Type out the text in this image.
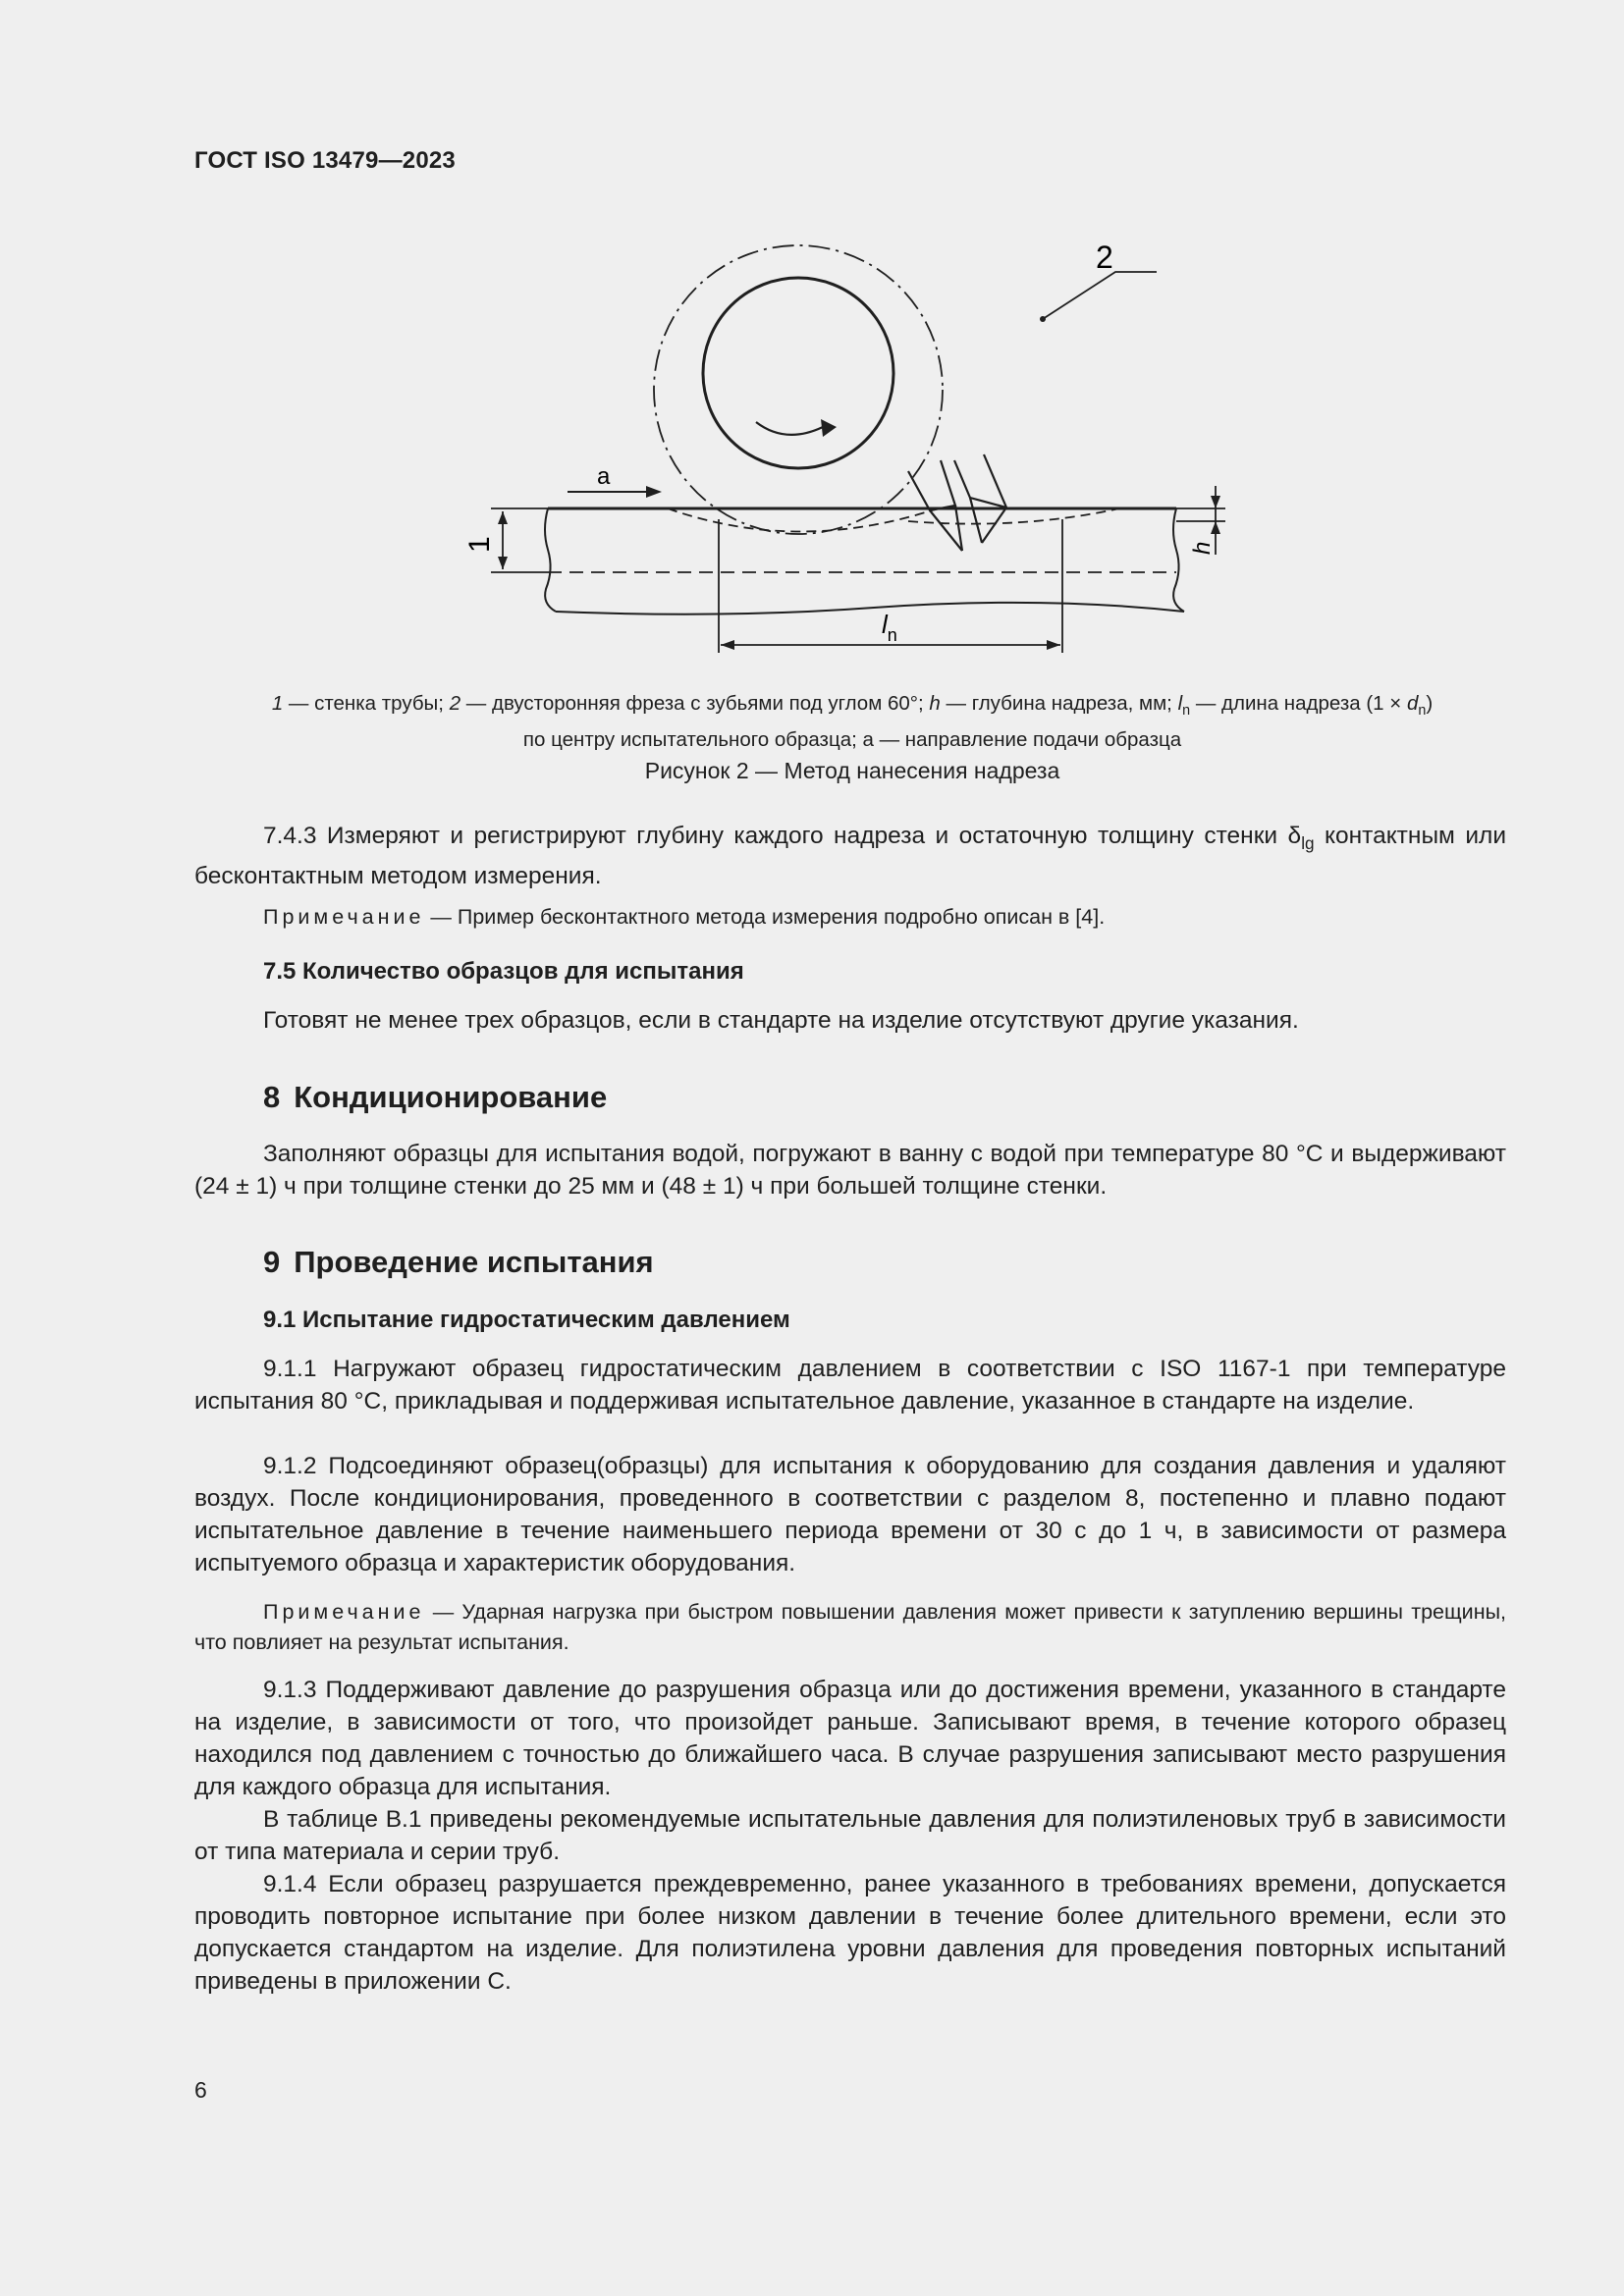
ГОСТ ISO 13479—2023
2
a
1	h
$l_n$
1 — стенка трубы; 2 — двусторонняя фреза с зубьями под углом 60°; h — глубина надреза, мм; $l_n$ — длина надреза $(1 \times d_n)$
по центру испытательного образца; а — направление подачи образца
Рисунок 2 — Метод нанесения надреза

7.4.3 Измеряют и регистрируют глубину каждого надреза и остаточную толщину стенки $\delta_{lg}$ контактным или бесконтактным методом измерения.

Примечание — Пример бесконтактного метода измерения подробно описан в [4].

7.5 Количество образцов для испытания

Готовят не менее трех образцов, если в стандарте на изделие отсутствуют другие указания.

8 Кондиционирование

Заполняют образцы для испытания водой, погружают в ванну с водой при температуре 80 °С и выдерживают (24 ± 1) ч при толщине стенки до 25 мм и (48 ± 1) ч при большей толщине стенки.

9 Проведение испытания
9.1 Испытание гидростатическим давлением

9.1.1 Нагружают образец гидростатическим давлением в соответствии с ISO 1167-1 при температуре испытания 80 °С, прикладывая и поддерживая испытательное давление, указанное в стандарте на изделие.

9.1.2 Подсоединяют образец(образцы) для испытания к оборудованию для создания давления и удаляют воздух. После кондиционирования, проведенного в соответствии с разделом 8, постепенно и плавно подают испытательное давление в течение наименьшего периода времени от 30 с до 1 ч, в зависимости от размера испытуемого образца и характеристик оборудования.

Примечание — Ударная нагрузка при быстром повышении давления может привести к затуплению вершины трещины, что повлияет на результат испытания.

9.1.3 Поддерживают давление до разрушения образца или до достижения времени, указанного в стандарте на изделие, в зависимости от того, что произойдет раньше. Записывают время, в течение которого образец находился под давлением с точностью до ближайшего часа. В случае разрушения записывают место разрушения для каждого образца для испытания.

В таблице В.1 приведены рекомендуемые испытательные давления для полиэтиленовых труб в зависимости от типа материала и серии труб.

9.1.4 Если образец разрушается преждевременно, ранее указанного в требованиях времени, допускается проводить повторное испытание при более низком давлении в течение более длительного времени, если это допускается стандартом на изделие. Для полиэтилена уровни давления для проведения повторных испытаний приведены в приложении С.

6
